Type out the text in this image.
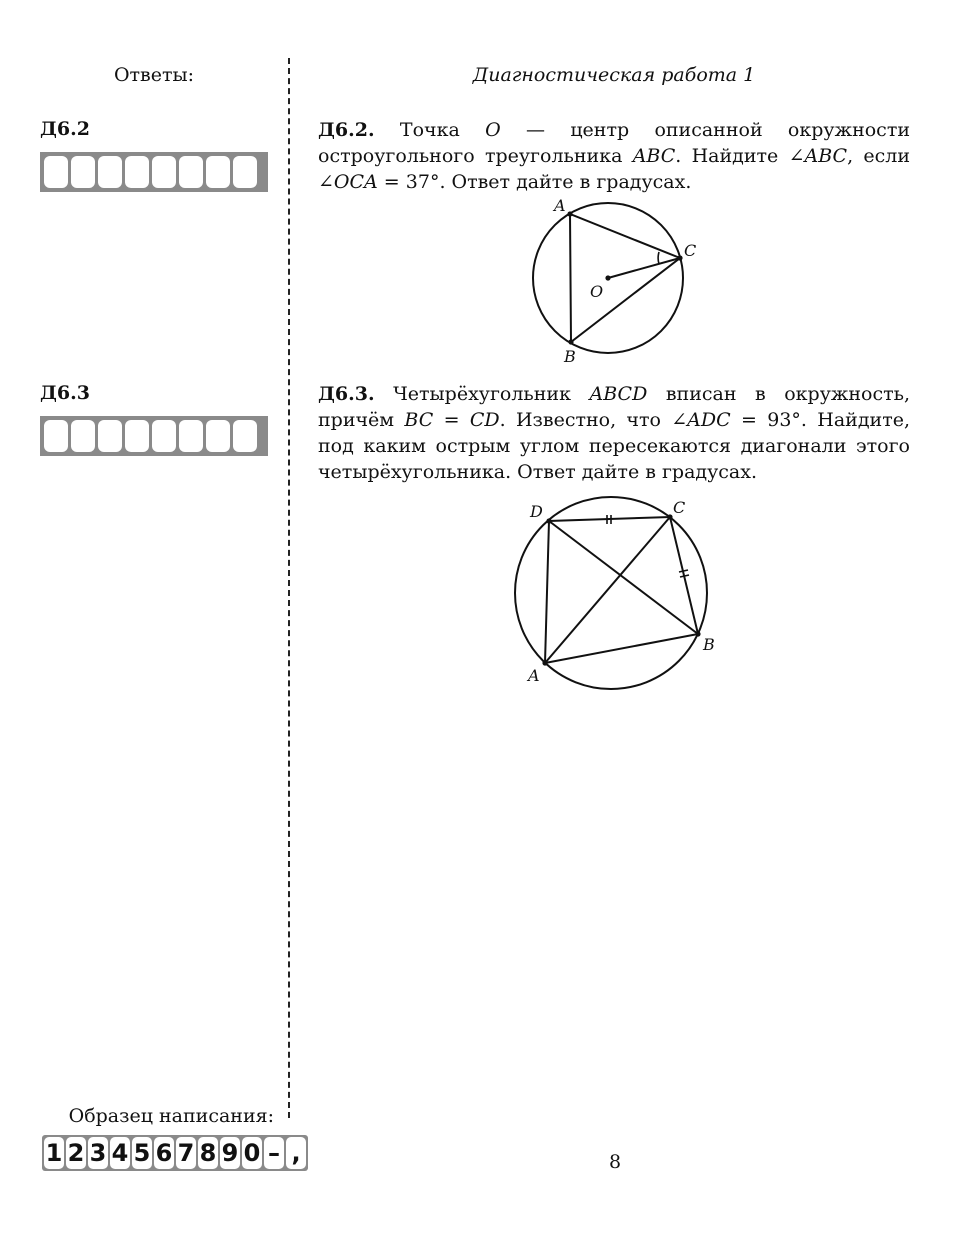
Ответы:	Диагностическая работа 1
Д6.2	Д6.2. Точка O — центр описанной окружности остроугольного треугольника ABC. Найдите ∠ABC, если ∠OCA = 37°. Ответ дайте в градусах.
A
B
C
O
Д6.3	Д6.3. Четырёхугольник ABCD вписан в окружность, причём BC = CD. Известно, что ∠ADC = 93°. Найдите, под каким острым углом пересекаются диагонали этого четырёхугольника. Ответ дайте в градусах.
A
B
C
D
Образец написания:
1 2 3 4 5 6 7 8 9 0 – ,	8
